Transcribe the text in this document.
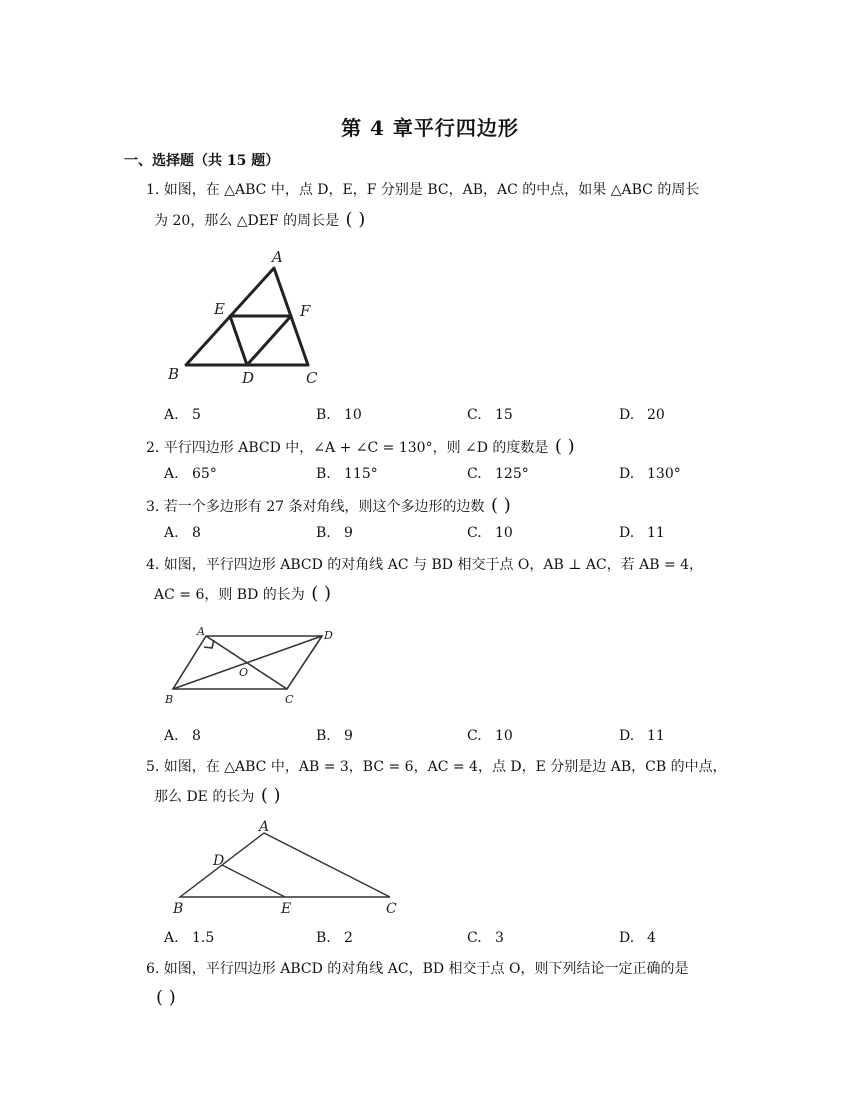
第 4 章平行四边形
一、选择题（共 15 题）
1. 如图，在 △ABC 中，点 D，E，F 分别是 BC，AB，AC 的中点，如果 △ABC 的周长
为 20，那么 △DEF 的周长是 ( )
A
B	C
D
E	F
A. 5	B. 10	C. 15	D. 20
2. 平行四边形 ABCD 中，∠A + ∠C = 130°，则 ∠D 的度数是 ( )
A. 65°	B. 115°	C. 125°	D. 130°
3. 若一个多边形有 27 条对角线，则这个多边形的边数 ( )
A. 8	B. 9	C. 10	D. 11
4. 如图，平行四边形 ABCD 的对角线 AC 与 BD 相交于点 O，AB ⊥ AC，若 AB = 4，
AC = 6，则 BD 的长为 ( )
A	D
B	C
O
A. 8	B. 9	C. 10	D. 11
5. 如图，在 △ABC 中，AB = 3，BC = 6，AC = 4，点 D，E 分别是边 AB，CB 的中点，
那么 DE 的长为 ( )
A
D
B	E	C
A. 1.5	B. 2	C. 3	D. 4
6. 如图，平行四边形 ABCD 的对角线 AC，BD 相交于点 O，则下列结论一定正确的是
( )
